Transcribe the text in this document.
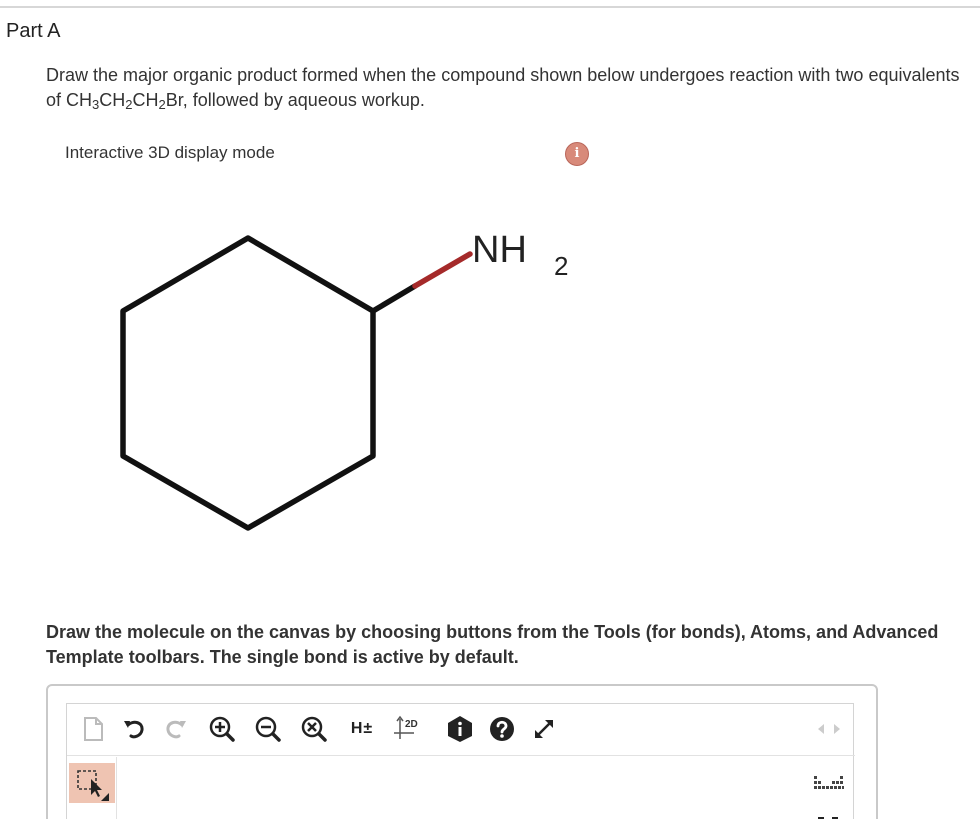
Part A
Draw the major organic product formed when the compound shown below undergoes reaction with two equivalents of $CH_3CH_2CH_2Br$, followed by aqueous workup.
Interactive 3D display mode	i
NH 2
Draw the molecule on the canvas by choosing buttons from the Tools (for bonds), Atoms, and Advanced Template toolbars. The single bond is active by default.
H±	2D
